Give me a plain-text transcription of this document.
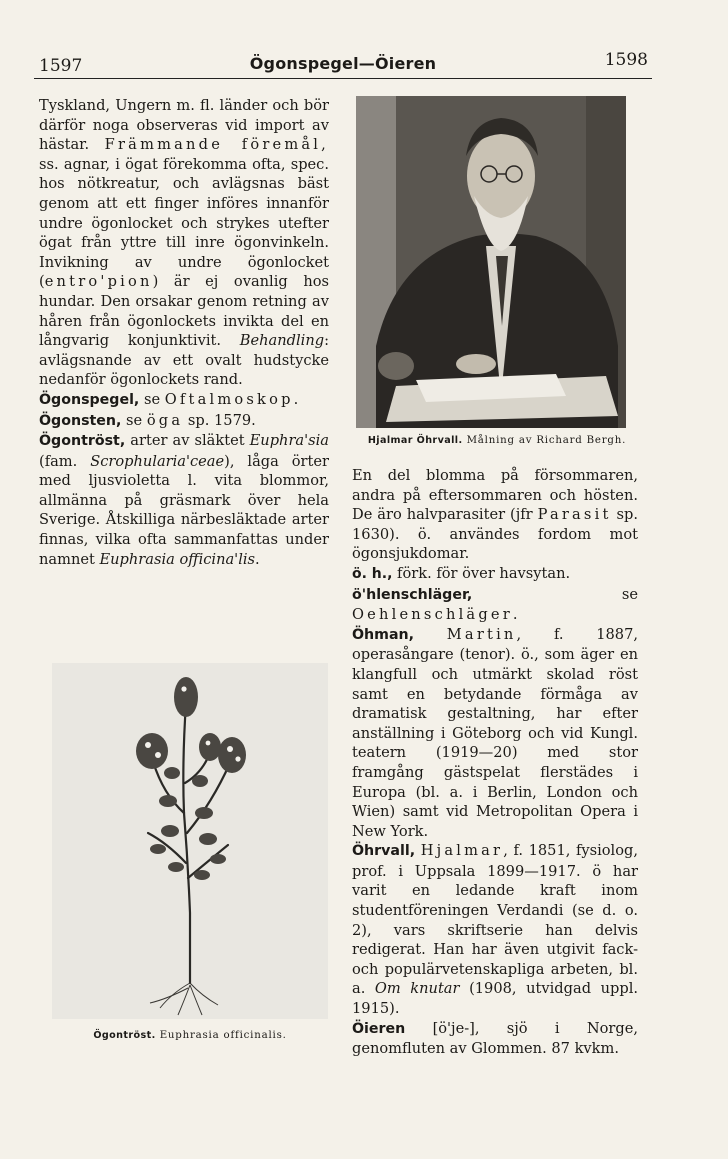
1597	Ögonspegel—Öieren	1598

Tyskland, Ungern m. fl. länder och bör därför noga observeras vid import av hästar. Främmande föremål, ss. agnar, i ögat förekomma ofta, spec. hos nötkreatur, och avlägsnas bäst genom att ett finger införes innanför undre ögonlocket och strykes utefter ögat från yttre till inre ögonvinkeln. Invikning av undre ögonlocket (entro'pion) är ej ovanlig hos hundar. Den orsakar genom retning av håren från ögonlockets invikta del en långvarig konjunktivit. Behandling: avlägsnande av ett ovalt hudstycke nedanför ögonlockets rand.

Ögonspegel, se Oftalmoskop.

Ögonsten, se öga sp. 1579.

Ögontröst, arter av släktet Euphra'sia (fam. Scrophularia'ceae), låga örter med ljusvioletta l. vita blommor, allmänna på gräsmark över hela Sverige. Åtskilliga närbesläktade arter finnas, vilka ofta sammanfattas under namnet Euphrasia officina'lis.

Ögontröst. Euphrasia officinalis.
Hjalmar Öhrvall. Målning av Richard Bergh.

En del blomma på försommaren, andra på eftersommaren och hösten. De äro halvparasiter (jfr Parasit sp. 1630). ö. användes fordom mot ögonsjukdomar.

ö. h., förk. för över havsytan.

ö'hlenschläger, se Oehlenschläger.

Öhman, Martin, f. 1887, operasångare (tenor). ö., som äger en klangfull och utmärkt skolad röst samt en betydande förmåga av dramatisk gestaltning, har efter anställning i Göteborg och vid Kungl. teatern (1919—20) med stor framgång gästspelat flerstädes i Europa (bl. a. i Berlin, London och Wien) samt vid Metropolitan Opera i New York.

Öhrvall, Hjalmar, f. 1851, fysiolog, prof. i Uppsala 1899—1917. ö har varit en ledande kraft inom studentföreningen Verdandi (se d. o. 2), vars skriftserie han delvis redigerat. Han har även utgivit fack- och populärvetenskapliga arbeten, bl. a. Om knutar (1908, utvidgad uppl. 1915).

Öieren [ö'je-], sjö i Norge, genomfluten av Glommen. 87 kvkm.
